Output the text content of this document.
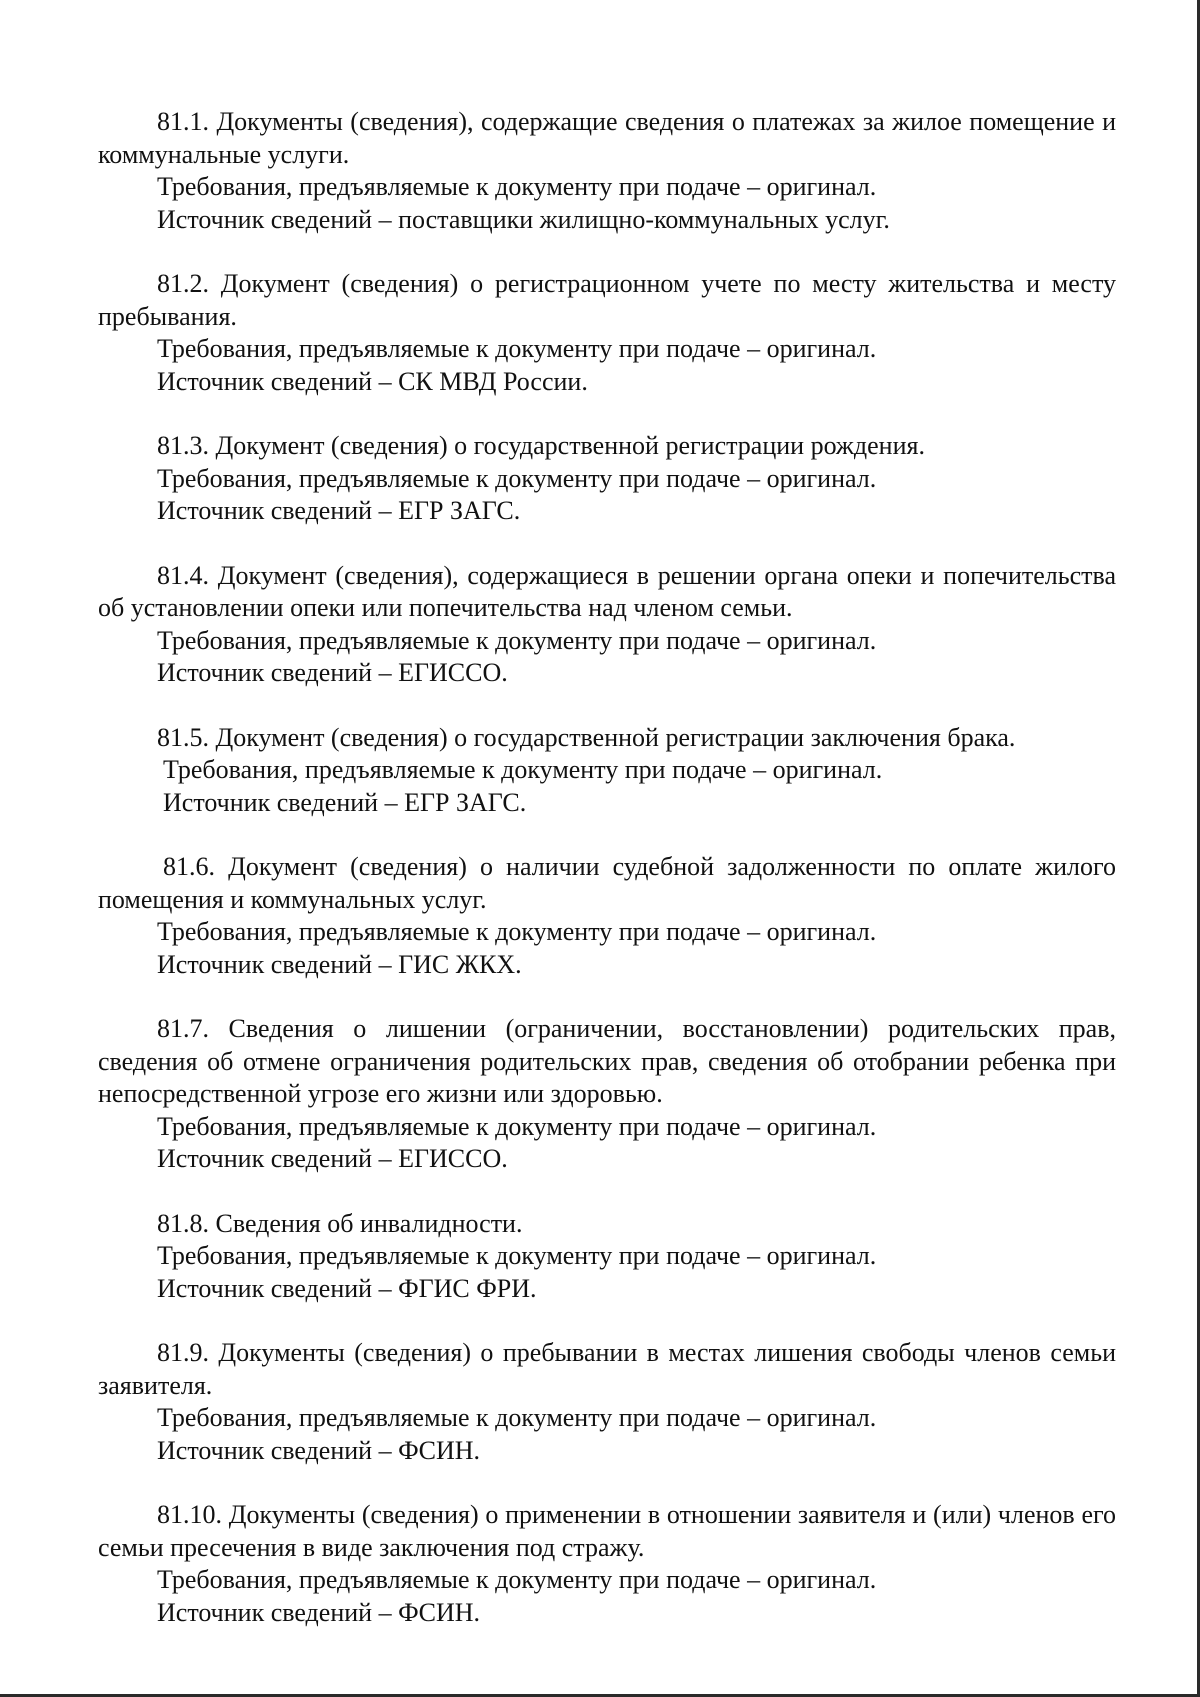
81.1. Документы (сведения), содержащие сведения о платежах за жилое помещение и коммунальные услуги.

Требования, предъявляемые к документу при подаче – оригинал.

Источник сведений – поставщики жилищно-коммунальных услуг.

81.2. Документ (сведения) о регистрационном учете по месту жительства и месту пребывания.

Требования, предъявляемые к документу при подаче – оригинал.

Источник сведений – СК МВД России.

81.3. Документ (сведения) о государственной регистрации рождения.

Требования, предъявляемые к документу при подаче – оригинал.

Источник сведений – ЕГР ЗАГС.

81.4. Документ (сведения), содержащиеся в решении органа опеки и попечительства об установлении опеки или попечительства над членом семьи.

Требования, предъявляемые к документу при подаче – оригинал.

Источник сведений – ЕГИССО.

81.5. Документ (сведения) о государственной регистрации заключения брака.

Требования, предъявляемые к документу при подаче – оригинал.

Источник сведений – ЕГР ЗАГС.

81.6. Документ (сведения) о наличии судебной задолженности по оплате жилого помещения и коммунальных услуг.

Требования, предъявляемые к документу при подаче – оригинал.

Источник сведений – ГИС ЖКХ.

81.7. Сведения о лишении (ограничении, восстановлении) родительских прав, сведения об отмене ограничения родительских прав, сведения об отобрании ребенка при непосредственной угрозе его жизни или здоровью.

Требования, предъявляемые к документу при подаче – оригинал.

Источник сведений – ЕГИССО.

81.8. Сведения об инвалидности.

Требования, предъявляемые к документу при подаче – оригинал.

Источник сведений – ФГИС ФРИ.

81.9. Документы (сведения) о пребывании в местах лишения свободы членов семьи заявителя.

Требования, предъявляемые к документу при подаче – оригинал.

Источник сведений – ФСИН.

81.10. Документы (сведения) о применении в отношении заявителя и (или) членов его семьи пресечения в виде заключения под стражу.

Требования, предъявляемые к документу при подаче – оригинал.

Источник сведений – ФСИН.
